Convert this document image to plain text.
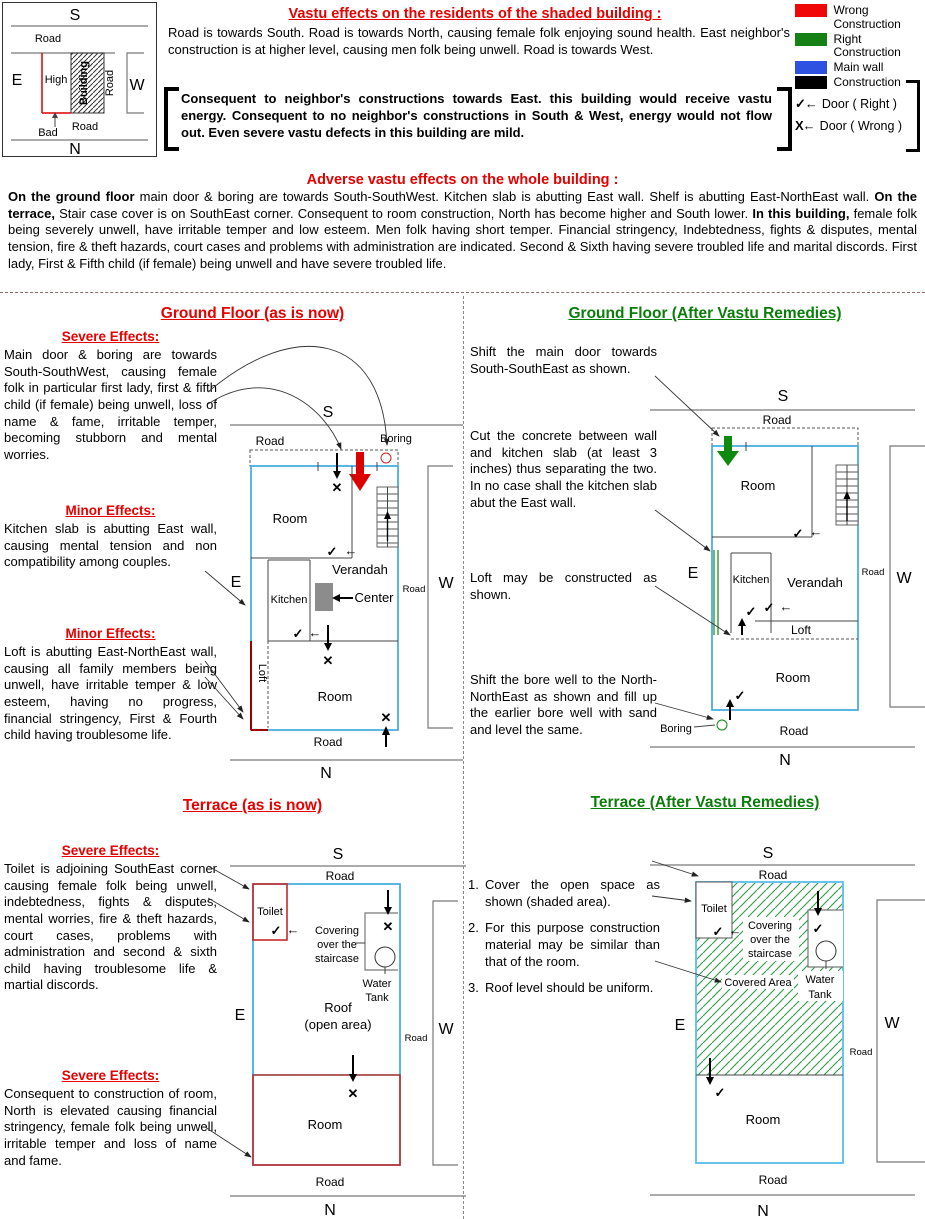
S
Road
E High Building Road W
Bad Road
N
Vastu effects on the residents of the shaded building :
Road is towards South. Road is towards North, causing female folk enjoying sound health. East neighbor's construction is at higher level, causing men folk being unwell. Road is towards West.
Consequent to neighbor's constructions towards East. this building would receive vastu energy. Consequent to no neighbor's constructions in South & West, energy would not flow out. Even severe vastu defects in this building are mild.
Wrong Construction
Right Construction
Main wall
Construction
✓← Door ( Right )
X← Door ( Wrong )
Adverse vastu effects on the whole building :
On the ground floor main door & boring are towards South-SouthWest. Kitchen slab is abutting East wall. Shelf is abutting East-NorthEast wall. On the terrace, Stair case cover is on SouthEast corner. Consequent to room construction, North has become higher and South lower. In this building, female folk being severely unwell, have irritable temper and low esteem. Men folk having short temper. Financial stringency, Indebtedness, fights & disputes, mental tension, fire & theft hazards, court cases and problems with administration are indicated. Second & Sixth having severe troubled life and marital discords. First lady, First & Fifth child (if female) being unwell and have severe troubled life.
Ground Floor (as is now)	Ground Floor (After Vastu Remedies)
Terrace (as is now)	Terrace (After Vastu Remedies)
Severe Effects:
Main door & boring are towards South-SouthWest, causing female folk in particular first lady, first & fifth child (if female) being unwell, loss of name & fame, irritable temper, becoming stubborn and mental worries.
Minor Effects:
Kitchen slab is abutting East wall, causing mental tension and non compatibility among couples.
Minor Effects:
Loft is abutting East-NorthEast wall, causing all family members being unwell, have irritable temper & low esteem, having no progress, financial stringency, First & Fourth child having troublesome life.
Shift the main door towards South-SouthEast as shown.
Cut the concrete between wall and kitchen slab (at least 3 inches) thus separating the two. In no case shall the kitchen slab abut the East wall.
Loft may be constructed as shown.
Shift the bore well to the North-NorthEast as shown and fill up the earlier bore well with sand and level the same.
Severe Effects:
Toilet is adjoining SouthEast corner causing female folk being unwell, indebtedness, fights & disputes, mental worries, fire & theft hazards, court cases, problems with administration and second & sixth child having troublesome life & martial discords.
Severe Effects:
Consequent to construction of room, North is elevated causing financial stringency, female folk being unwell, irritable temper and loss of name and fame.
1. Cover the open space as shown (shaded area).
2. For this purpose construction material may be similar than that of the room.
3. Roof level should be uniform.
S
Road
✕
Boring
Room
✓ ←
Verandah
Kitchen	Center
Road W
E
✓ ←
✕
Loft
Room
✕
Road
N
S
Road
Room
✓ ←
Kitchen Verandah
Loft
✓ ✓ ←
Room
✓
Boring	Road
N
Road W
E
S
Road
Toilet
✓ ←	✕
Covering
over the
staircase
Water
Tank
Roof
(open area)
E
Room
✕
Road
W
Road
N
S
Road
Toilet
✓ ← Covering
over the
staircase
✓
Water
Tank
Covered Area
E
Room
✓
Road
W
Road
N
